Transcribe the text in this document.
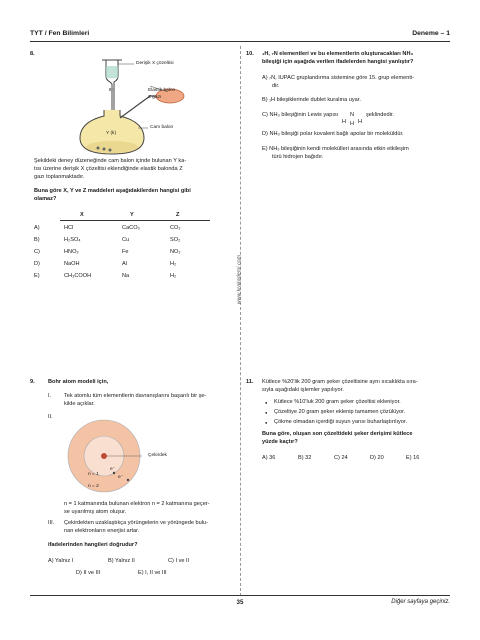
TYT / Fen Bilimleri	Deneme – 1
www.krakademi.com
8.
Derişik X çözeltisi
Elastik balon
Z gazı
Cam balon
Y (k)
Şekildeki deney düzeneğinde cam balon içinde bulunan Y ka-
tısı üzerine derişik X çözeltisi eklendiğinde elastik balonda Z
gazı toplanmaktadır.
Buna göre X, Y ve Z maddeleri aşağıdakilerden hangisi gibi
olamaz?
X	Y	Z
A)	HCl	CaCO₃	CO₂
B)	H₂SO₄	Cu	SO₂
C)	HNO₃	Fe	NO₂
D)	NaOH	Al	H₂
E)	CH₃COOH	Na	H₂
9. Bohr atom modeli için,
I. Tek atomlu tüm elementlerin davranışlarını başarılı bir şe-
kilde açıklar.
II.
Çekirdek
n = 1
n = 2
e⁻
e⁻
n = 1 katmanında bulunan elektron n = 2 katmanına geçer-
se uyarılmış atom oluşur.
III. Çekirdekten uzaklaştıkça yörüngelerin ve yörüngede bulu-
nan elektronların enerjisi artar.
ifadelerinden hangileri doğrudur?
A) Yalnız I	B) Yalnız II	C) I ve II
D) II ve III	E) I, II ve III
10. ₁H, ₇N elementleri ve bu elementlerin oluşturacakları NH₃
bileşiği için aşağıda verilen ifadelerden hangisi yanlıştır?
A) ₇N, IUPAC gruplandırma sistemine göre 15. grup elementi-
dir.
B) ₁H bileşiklerinde dublet kuralına uyar.
C) NH₃ bileşiğinin Lewis yapısı N
H H H
şeklindedir.
D) NH₃ bileşiği polar kovalent bağlı apolar bir moleküldür.
E) NH₃ bileşiğinin kendi molekülleri arasında etkin etkileşim
türü hidrojen bağıdır.
11. Kütlece %20'lik 200 gram şeker çözeltisine aynı sıcaklıkta sıra-
sıyla aşağıdaki işlemler yapılıyor.
● Kütlece %10'luk 200 gram şeker çözeltisi ekleniyor.
● Çözeltiye 20 gram şeker eklenip tamamen çözülüyor.
● Çökme olmadan içerdiği suyun yarısı buharlaştırılıyor.
Buna göre, oluşan son çözeltideki şeker derişimi kütlece
yüzde kaçtır?
A) 36	B) 32	C) 24	D) 20	E) 16
35	Diğer sayfaya geçiniz.
